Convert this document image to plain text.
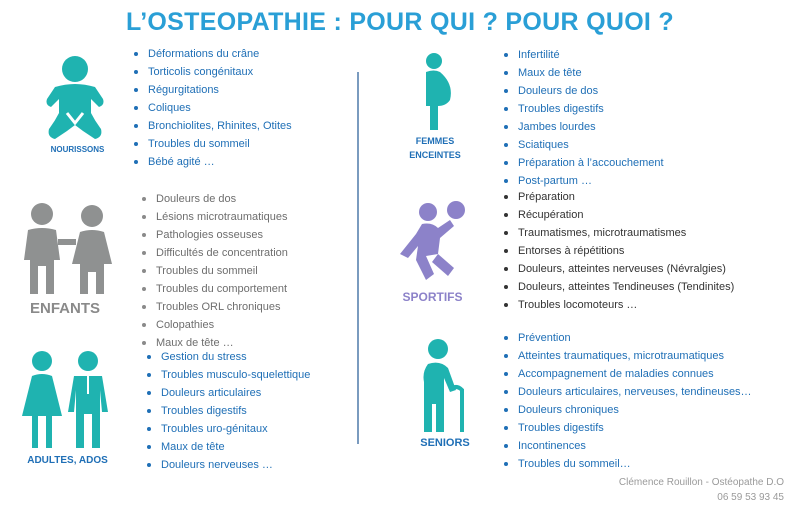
L’OSTEOPATHIE : POUR QUI ? POUR QUOI ?
NOURISSONS
Déformations du crâne
Torticolis congénitaux
Régurgitations
Coliques
Bronchiolites, Rhinites, Otites
Troubles du sommeil
Bébé agité …
ENFANTS
Douleurs de dos
Lésions microtraumatiques
Pathologies osseuses
Difficultés de concentration
Troubles du sommeil
Troubles du comportement
Troubles ORL chroniques
Colopathies
Maux de tête …
ADULTES, ADOS
Gestion du stress
Troubles musculo-squelettique
Douleurs articulaires
Troubles digestifs
Troubles uro-génitaux
Maux de tête
Douleurs nerveuses …
FEMMES
ENCEINTES
Infertilité
Maux de tête
Douleurs de dos
Troubles digestifs
Jambes lourdes
Sciatiques
Préparation à l’accouchement
Post-partum …
SPORTIFS
Préparation
Récupération
Traumatismes, microtraumatismes
Entorses à répétitions
Douleurs, atteintes nerveuses (Névralgies)
Douleurs, atteintes Tendineuses (Tendinites)
Troubles locomoteurs …
SENIORS
Prévention
Atteintes traumatiques, microtraumatiques
Accompagnement de maladies connues
Douleurs articulaires, nerveuses, tendineuses…
Douleurs chroniques
Troubles digestifs
Incontinences
Troubles du sommeil…
Clémence Rouillon - Ostéopathe D.O
06 59 53 93 45
